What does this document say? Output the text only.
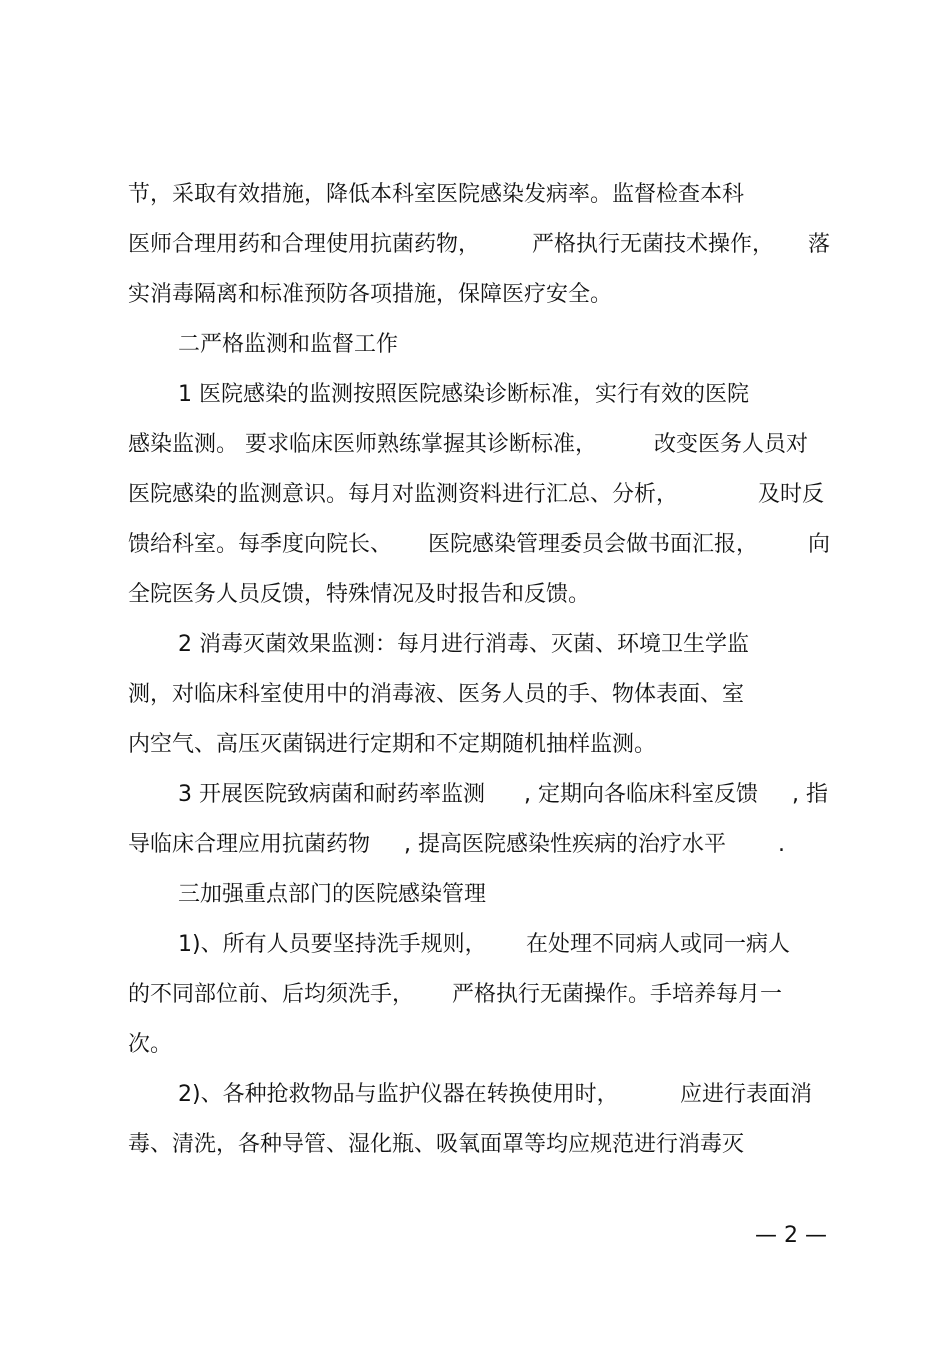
节，采取有效措施，降低本科室医院感染发病率。监督检查本科
医师合理用药和合理使用抗菌药物， 严格执行无菌技术操作， 落
实消毒隔离和标准预防各项措施，保障医疗安全。
二严格监测和监督工作
1 医院感染的监测按照医院感染诊断标准，实行有效的医院
感染监测。 要求临床医师熟练掌握其诊断标准，	改变医务人员对
医院感染的监测意识。每月对监测资料进行汇总、分析，	及时反
馈给科室。每季度向院长、 医院感染管理委员会做书面汇报， 向
全院医务人员反馈，特殊情况及时报告和反馈。
2 消毒灭菌效果监测：每月进行消毒、灭菌、环境卫生学监
测，对临床科室使用中的消毒液、医务人员的手、物体表面、室
内空气、高压灭菌锅进行定期和不定期随机抽样监测。
3 开展医院致病菌和耐药率监测 , 定期向各临床科室反馈 , 指
导临床合理应用抗菌药物 , 提高医院感染性疾病的治疗水平 .
三加强重点部门的医院感染管理
1)、所有人员要坚持洗手规则， 在处理不同病人或同一病人
的不同部位前、后均须洗手， 严格执行无菌操作。手培养每月一
次。
2)、各种抢救物品与监护仪器在转换使用时，	应进行表面消
毒、清洗，各种导管、湿化瓶、吸氧面罩等均应规范进行消毒灭
— 2 —
